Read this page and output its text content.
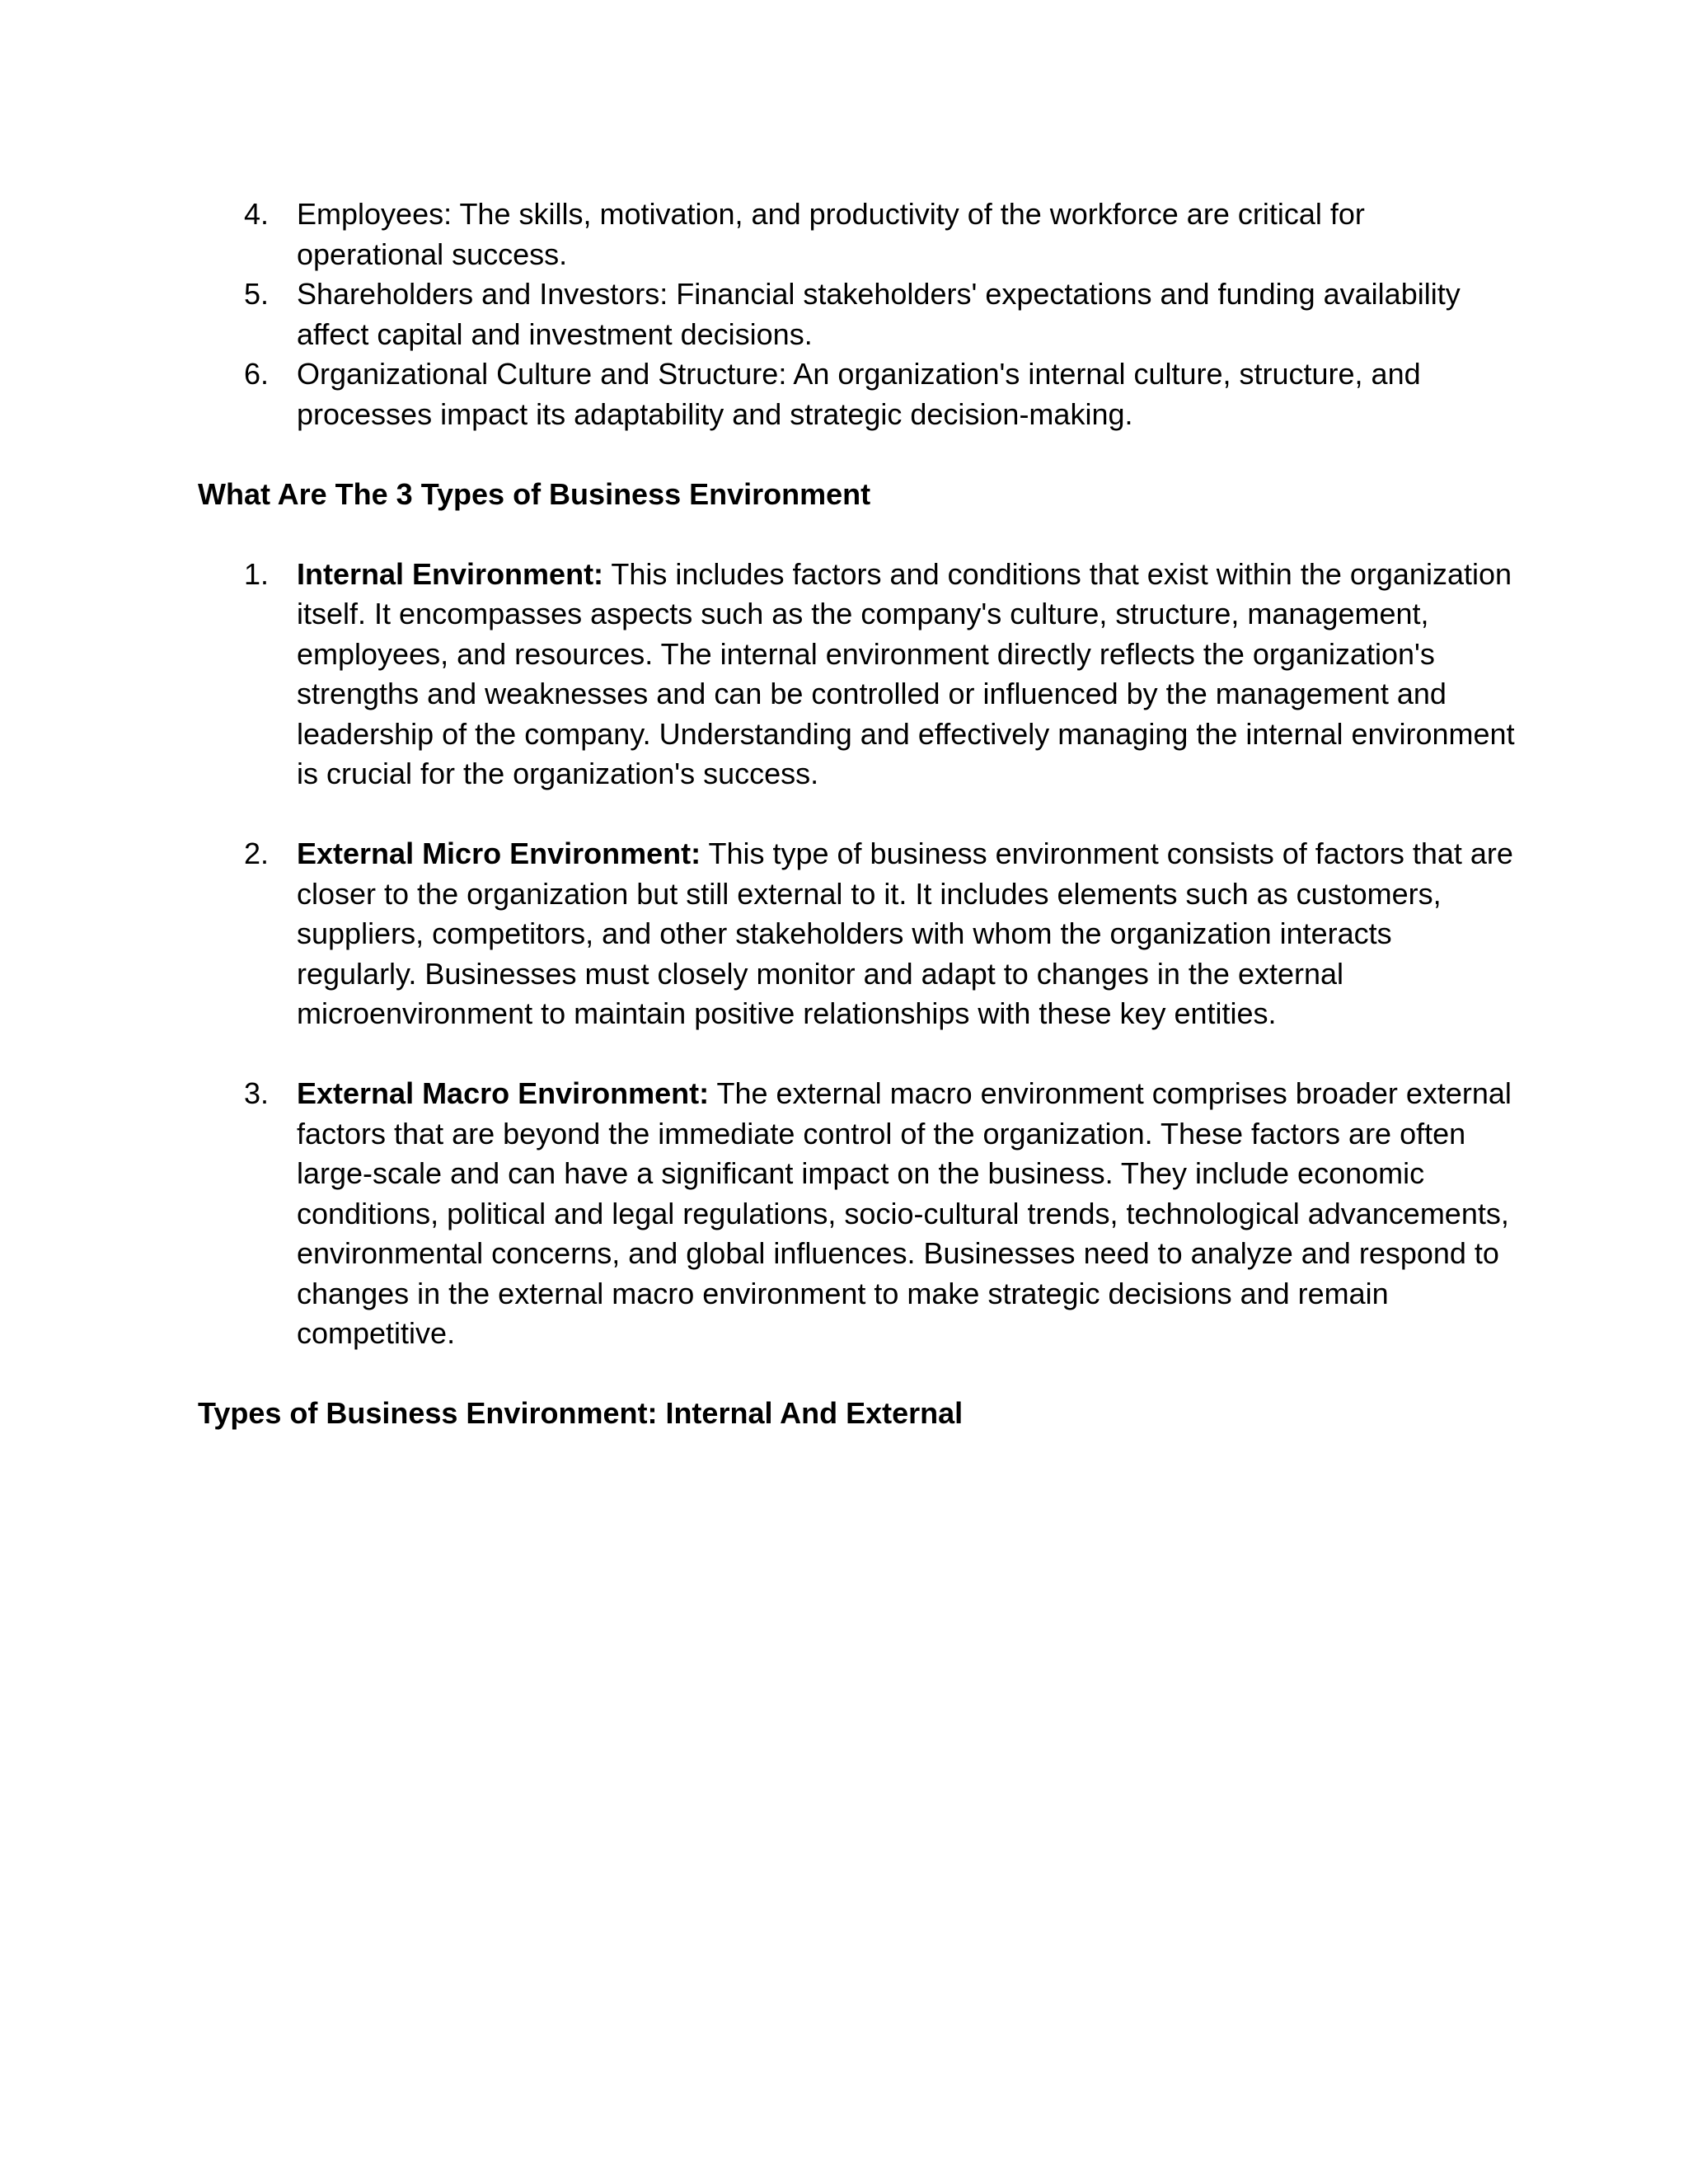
4. Employees: The skills, motivation, and productivity of the workforce are critical for operational success.
5. Shareholders and Investors: Financial stakeholders' expectations and funding availability affect capital and investment decisions.
6. Organizational Culture and Structure: An organization's internal culture, structure, and processes impact its adaptability and strategic decision-making.

What Are The 3 Types of Business Environment

1. Internal Environment: This includes factors and conditions that exist within the organization itself. It encompasses aspects such as the company's culture, structure, management, employees, and resources. The internal environment directly reflects the organization's strengths and weaknesses and can be controlled or influenced by the management and leadership of the company. Understanding and effectively managing the internal environment is crucial for the organization's success.
2. External Micro Environment: This type of business environment consists of factors that are closer to the organization but still external to it. It includes elements such as customers, suppliers, competitors, and other stakeholders with whom the organization interacts regularly. Businesses must closely monitor and adapt to changes in the external microenvironment to maintain positive relationships with these key entities.
3. External Macro Environment: The external macro environment comprises broader external factors that are beyond the immediate control of the organization. These factors are often large-scale and can have a significant impact on the business. They include economic conditions, political and legal regulations, socio-cultural trends, technological advancements, environmental concerns, and global influences. Businesses need to analyze and respond to changes in the external macro environment to make strategic decisions and remain competitive.

Types of Business Environment: Internal And External
